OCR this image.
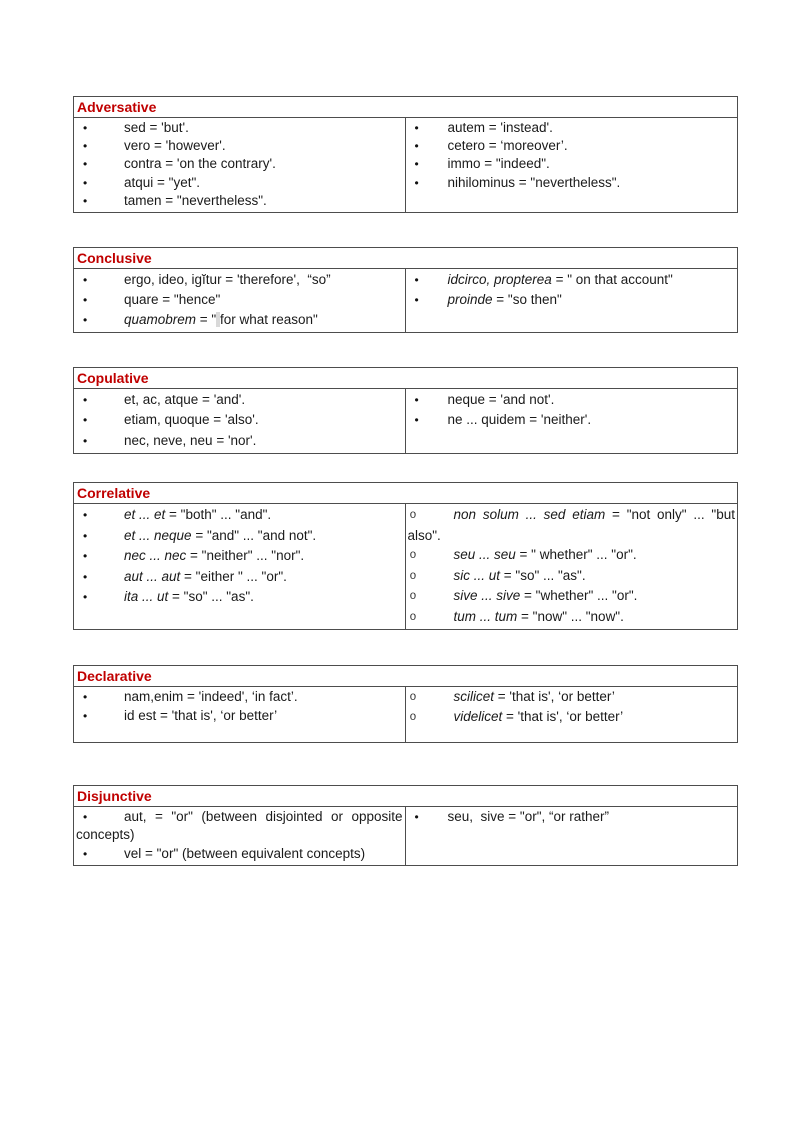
Adversative
•	sed = 'but'.
•	vero = 'however'.
•	contra = 'on the contrary'.
•	atqui = "yet".
•	tamen = "nevertheless".
• autem = 'instead'.
• cetero = ‘moreover’.
• immo = "indeed".
• nihilominus = "nevertheless".
Conclusive
•	ergo, ideo, igĭtur = 'therefore',  “so”
•	quare = "hence"
•	quamobrem = " for what reason"
• idcirco, propterea = " on that account"
• proinde = "so then"
Copulative
•	et, ac, atque = 'and'.
•	etiam, quoque = 'also'.
•	nec, neve, neu = 'nor'.
• neque = 'and not'.
• ne ... quidem = 'neither'.
Correlative
•	et ... et = "both" ... "and".
•	et ... neque = "and" ... "and not".
•	nec ... nec = "neither" ... "nor".
•	aut ... aut = "either " ... "or".
•	ita ... ut = "so" ... "as".
o	non solum ... sed etiam = "not only" ... "but also".
o	seu ... seu = " whether" ... "or".
o	sic ... ut = "so" ... "as".
o	sive ... sive = "whether" ... "or".
o	tum ... tum = "now" ... "now".
Declarative
•	nam,enim = 'indeed', ‘in fact’.
•	id est = 'that is', ‘or better’
o	scilicet = 'that is', ‘or better’
o	videlicet = 'that is', ‘or better’
Disjunctive
•	aut, = "or" (between disjointed or opposite concepts)
•	vel = "or" (between equivalent concepts)
• seu,  sive = "or", “or rather”
